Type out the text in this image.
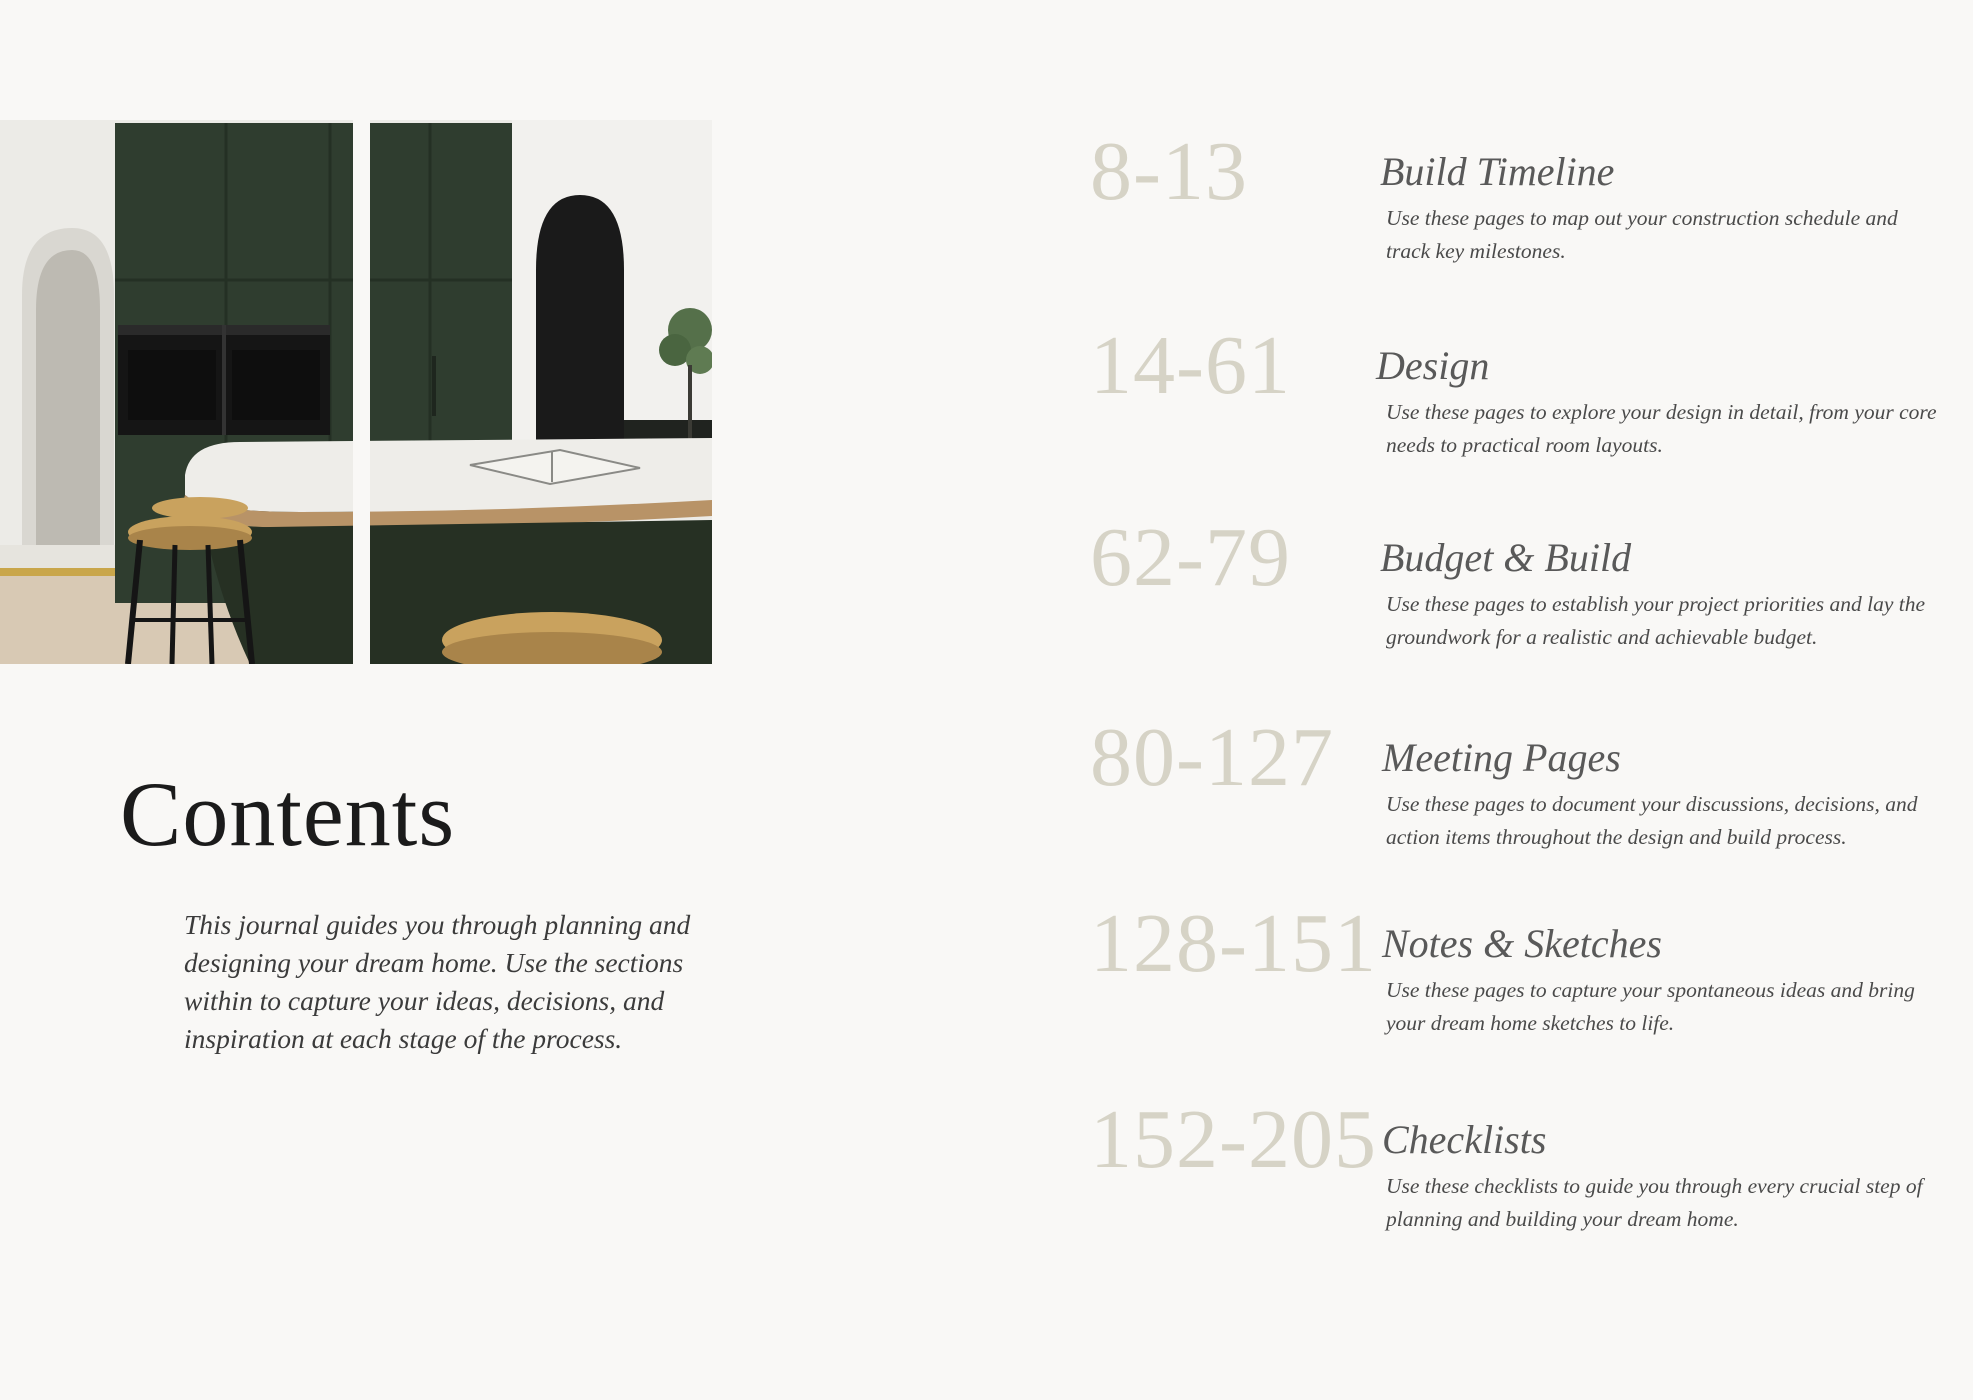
Contents

This journal guides you through planning and designing your dream home. Use the sections within to capture your ideas, decisions, and inspiration at each stage of the process.

8-13	Build Timeline

Use these pages to map out your construction schedule and track key milestones.

14-61 Design

Use these pages to explore your design in detail, from your core needs to practical room layouts.

62-79 Budget & Build

Use these pages to establish your project priorities and lay the groundwork for a realistic and achievable budget.

80-127 Meeting Pages

Use these pages to document your discussions, decisions, and action items throughout the design and build process.

128-151 Notes & Sketches

Use these pages to capture your spontaneous ideas and bring your dream home sketches to life.

152-205 Checklists

Use these checklists to guide you through every crucial step of planning and building your dream home.
